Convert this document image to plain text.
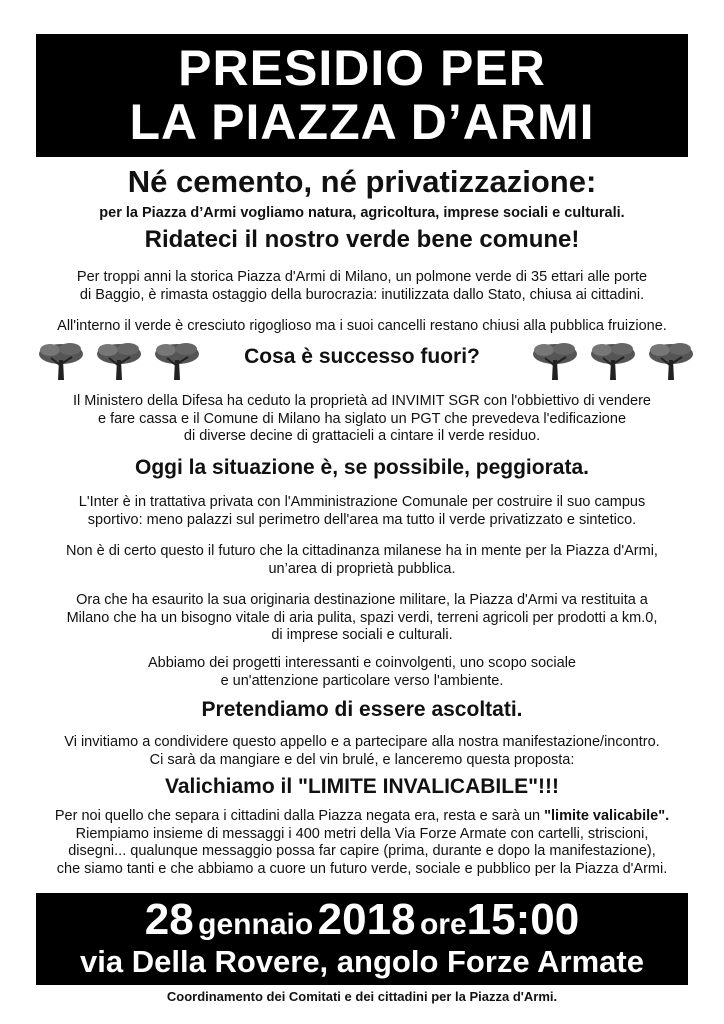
PRESIDIO PER
LA PIAZZA D’ARMI
Né cemento, né privatizzazione:
per la Piazza d’Armi vogliamo natura, agricoltura, imprese sociali e culturali.
Ridateci il nostro verde bene comune!
Per troppi anni la storica Piazza d'Armi di Milano, un polmone verde di 35 ettari alle porte
di Baggio, è rimasta ostaggio della burocrazia: inutilizzata dallo Stato, chiusa ai cittadini.
All'interno il verde è cresciuto rigoglioso ma i suoi cancelli restano chiusi alla pubblica fruizione.
Cosa è successo fuori?
Il Ministero della Difesa ha ceduto la proprietà ad INVIMIT SGR con l'obbiettivo di vendere
e fare cassa e il Comune di Milano ha siglato un PGT che prevedeva l'edificazione
di diverse decine di grattacieli a cintare il verde residuo.
Oggi la situazione è, se possibile, peggiorata.
L'Inter è in trattativa privata con l'Amministrazione Comunale per costruire il suo campus
sportivo: meno palazzi sul perimetro dell'area ma tutto il verde privatizzato e sintetico.
Non è di certo questo il futuro che la cittadinanza milanese ha in mente per la Piazza d'Armi,
un’area di proprietà pubblica.
Ora che ha esaurito la sua originaria destinazione militare, la Piazza d'Armi va restituita a
Milano che ha un bisogno vitale di aria pulita, spazi verdi, terreni agricoli per prodotti a km.0,
di imprese sociali e culturali.
Abbiamo dei progetti interessanti e coinvolgenti, uno scopo sociale
e un'attenzione particolare verso l'ambiente.
Pretendiamo di essere ascoltati.
Vi invitiamo a condividere questo appello e a partecipare alla nostra manifestazione/incontro.
Ci sarà da mangiare e del vin brulé, e lanceremo questa proposta:
Valichiamo il "LIMITE INVALICABILE"!!!
Per noi quello che separa i cittadini dalla Piazza negata era, resta e sarà un "limite valicabile".
Riempiamo insieme di messaggi i 400 metri della Via Forze Armate con cartelli, striscioni,
disegni... qualunque messaggio possa far capire (prima, durante e dopo la manifestazione),
che siamo tanti e che abbiamo a cuore un futuro verde, sociale e pubblico per la Piazza d'Armi.
28 gennaio 2018 ore15:00
via Della Rovere, angolo Forze Armate
Coordinamento dei Comitati e dei cittadini per la Piazza d'Armi.
